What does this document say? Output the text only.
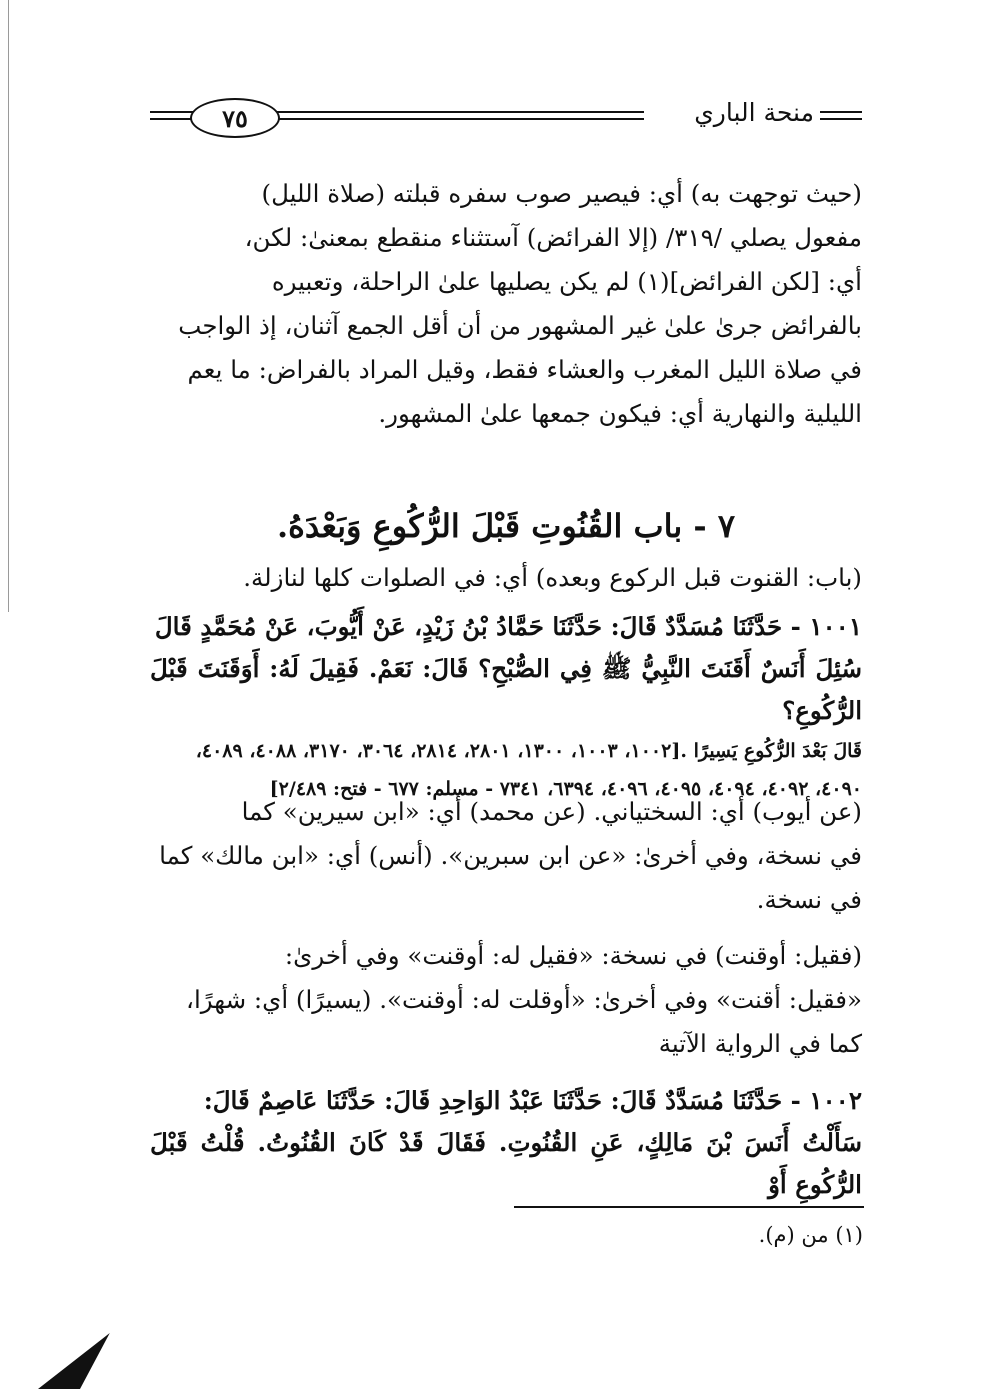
٧٥	منحة الباري

(حيث توجهت به) أي: فيصير صوب سفره قبلته (صلاة الليل)

مفعول يصلي /٣١٩/ (إلا الفرائض) آستثناء منقطع بمعنىٰ: لكن،

أي: [لكن الفرائض](١) لم يكن يصليها علىٰ الراحلة، وتعبيره

بالفرائض جرىٰ علىٰ غير المشهور من أن أقل الجمع آثنان، إذ الواجب

في صلاة الليل المغرب والعشاء فقط، وقيل المراد بالفراض: ما يعم

الليلية والنهارية أي: فيكون جمعها علىٰ المشهور.

٧ - باب القُنُوتِ قَبْلَ الرُّكُوعِ وَبَعْدَهُ.

(باب: القنوت قبل الركوع وبعده) أي: في الصلوات كلها لنازلة.

١٠٠١ - حَدَّثَنَا مُسَدَّدٌ قَالَ: حَدَّثَنَا حَمَّادُ بْنُ زَيْدٍ، عَنْ أَيُّوبَ، عَنْ مُحَمَّدٍ قَالَ

سُئِلَ أَنَسٌ أَقَنَتَ النَّبِيُّ ﷺ فِي الصُّبْحِ؟ قَالَ: نَعَمْ. فَقِيلَ لَهُ: أَوَقَنَتَ قَبْلَ الرُّكُوعِ؟

قَالَ بَعْدَ الرُّكُوعِ يَسِيرًا .[١٠٠٢، ١٠٠٣، ١٣٠٠، ٢٨٠١، ٢٨١٤، ٣٠٦٤، ٣١٧٠، ٤٠٨٨، ٤٠٨٩،

٤٠٩٠، ٤٠٩٢، ٤٠٩٤، ٤٠٩٥، ٤٠٩٦، ٦٣٩٤، ٧٣٤١ - مسلم: ٦٧٧ - فتح: ٢/٤٨٩]

(عن أيوب) أي: السختياني. (عن محمد) أي: «ابن سيرين» كما

في نسخة، وفي أخرىٰ: «عن ابن سبرين». (أنس) أي: «ابن مالك» كما

في نسخة.

(فقيل: أوقنت) في نسخة: «فقيل له: أوقنت» وفي أخرىٰ:

«فقيل: أقنت» وفي أخرىٰ: «أوقلت له: أوقنت». (يسيرًا) أي: شهرًا،

كما في الرواية الآتية

١٠٠٢ - حَدَّثَنَا مُسَدَّدٌ قَالَ: حَدَّثَنَا عَبْدُ الوَاحِدِ قَالَ: حَدَّثَنَا عَاصِمٌ قَالَ:

سَأَلْتُ أَنَسَ بْنَ مَالِكٍ، عَنِ القُنُوتِ. فَقَالَ قَدْ كَانَ القُنُوتُ. قُلْتُ قَبْلَ الرُّكُوعِ أَوْ

(١) من (م).
